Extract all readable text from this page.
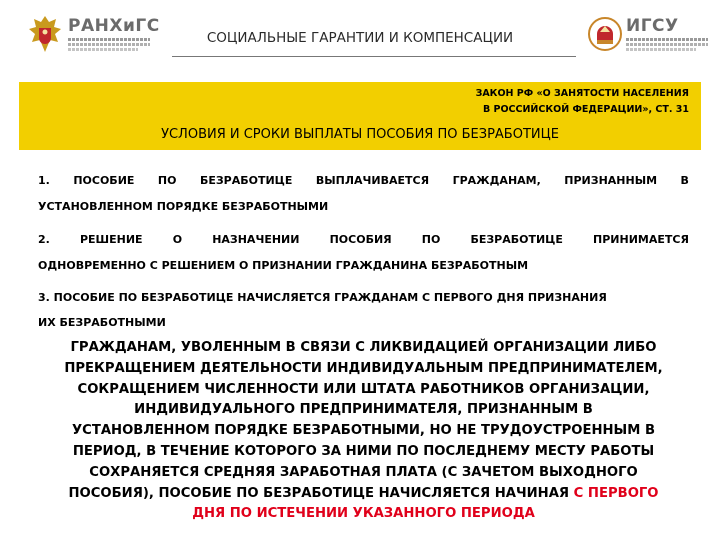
РАНХиГС
СОЦИАЛЬНЫЕ ГАРАНТИИ И КОМПЕНСАЦИИ
ИГСУ
ЗАКОН РФ «О ЗАНЯТОСТИ НАСЕЛЕНИЯ
В РОССИЙСКОЙ ФЕДЕРАЦИИ», СТ. 31
УСЛОВИЯ И СРОКИ ВЫПЛАТЫ ПОСОБИЯ ПО БЕЗРАБОТИЦЕ
1. ПОСОБИЕ ПО БЕЗРАБОТИЦЕ ВЫПЛАЧИВАЕТСЯ ГРАЖДАНАМ, ПРИЗНАННЫМ В
УСТАНОВЛЕННОМ ПОРЯДКЕ БЕЗРАБОТНЫМИ
2.	РЕШЕНИЕ	О	НАЗНАЧЕНИИ	ПОСОБИЯ	ПО	БЕЗРАБОТИЦЕ	ПРИНИМАЕТСЯ
ОДНОВРЕМЕННО С РЕШЕНИЕМ О ПРИЗНАНИИ ГРАЖДАНИНА БЕЗРАБОТНЫМ
3. ПОСОБИЕ ПО БЕЗРАБОТИЦЕ НАЧИСЛЯЕТСЯ ГРАЖДАНАМ С ПЕРВОГО ДНЯ ПРИЗНАНИЯ
ИХ БЕЗРАБОТНЫМИ
ГРАЖДАНАМ, УВОЛЕННЫМ В СВЯЗИ С ЛИКВИДАЦИЕЙ ОРГАНИЗАЦИИ ЛИБО
ПРЕКРАЩЕНИЕМ ДЕЯТЕЛЬНОСТИ ИНДИВИДУАЛЬНЫМ ПРЕДПРИНИМАТЕЛЕМ,
СОКРАЩЕНИЕМ ЧИСЛЕННОСТИ ИЛИ ШТАТА РАБОТНИКОВ ОРГАНИЗАЦИИ,
ИНДИВИДУАЛЬНОГО ПРЕДПРИНИМАТЕЛЯ, ПРИЗНАННЫМ В
УСТАНОВЛЕННОМ ПОРЯДКЕ БЕЗРАБОТНЫМИ, НО НЕ ТРУДОУСТРОЕННЫМ В
ПЕРИОД, В ТЕЧЕНИЕ КОТОРОГО ЗА НИМИ ПО ПОСЛЕДНЕМУ МЕСТУ РАБОТЫ
СОХРАНЯЕТСЯ СРЕДНЯЯ ЗАРАБОТНАЯ ПЛАТА (С ЗАЧЕТОМ ВЫХОДНОГО
ПОСОБИЯ), ПОСОБИЕ ПО БЕЗРАБОТИЦЕ НАЧИСЛЯЕТСЯ НАЧИНАЯ С ПЕРВОГО
ДНЯ ПО ИСТЕЧЕНИИ УКАЗАННОГО ПЕРИОДА
